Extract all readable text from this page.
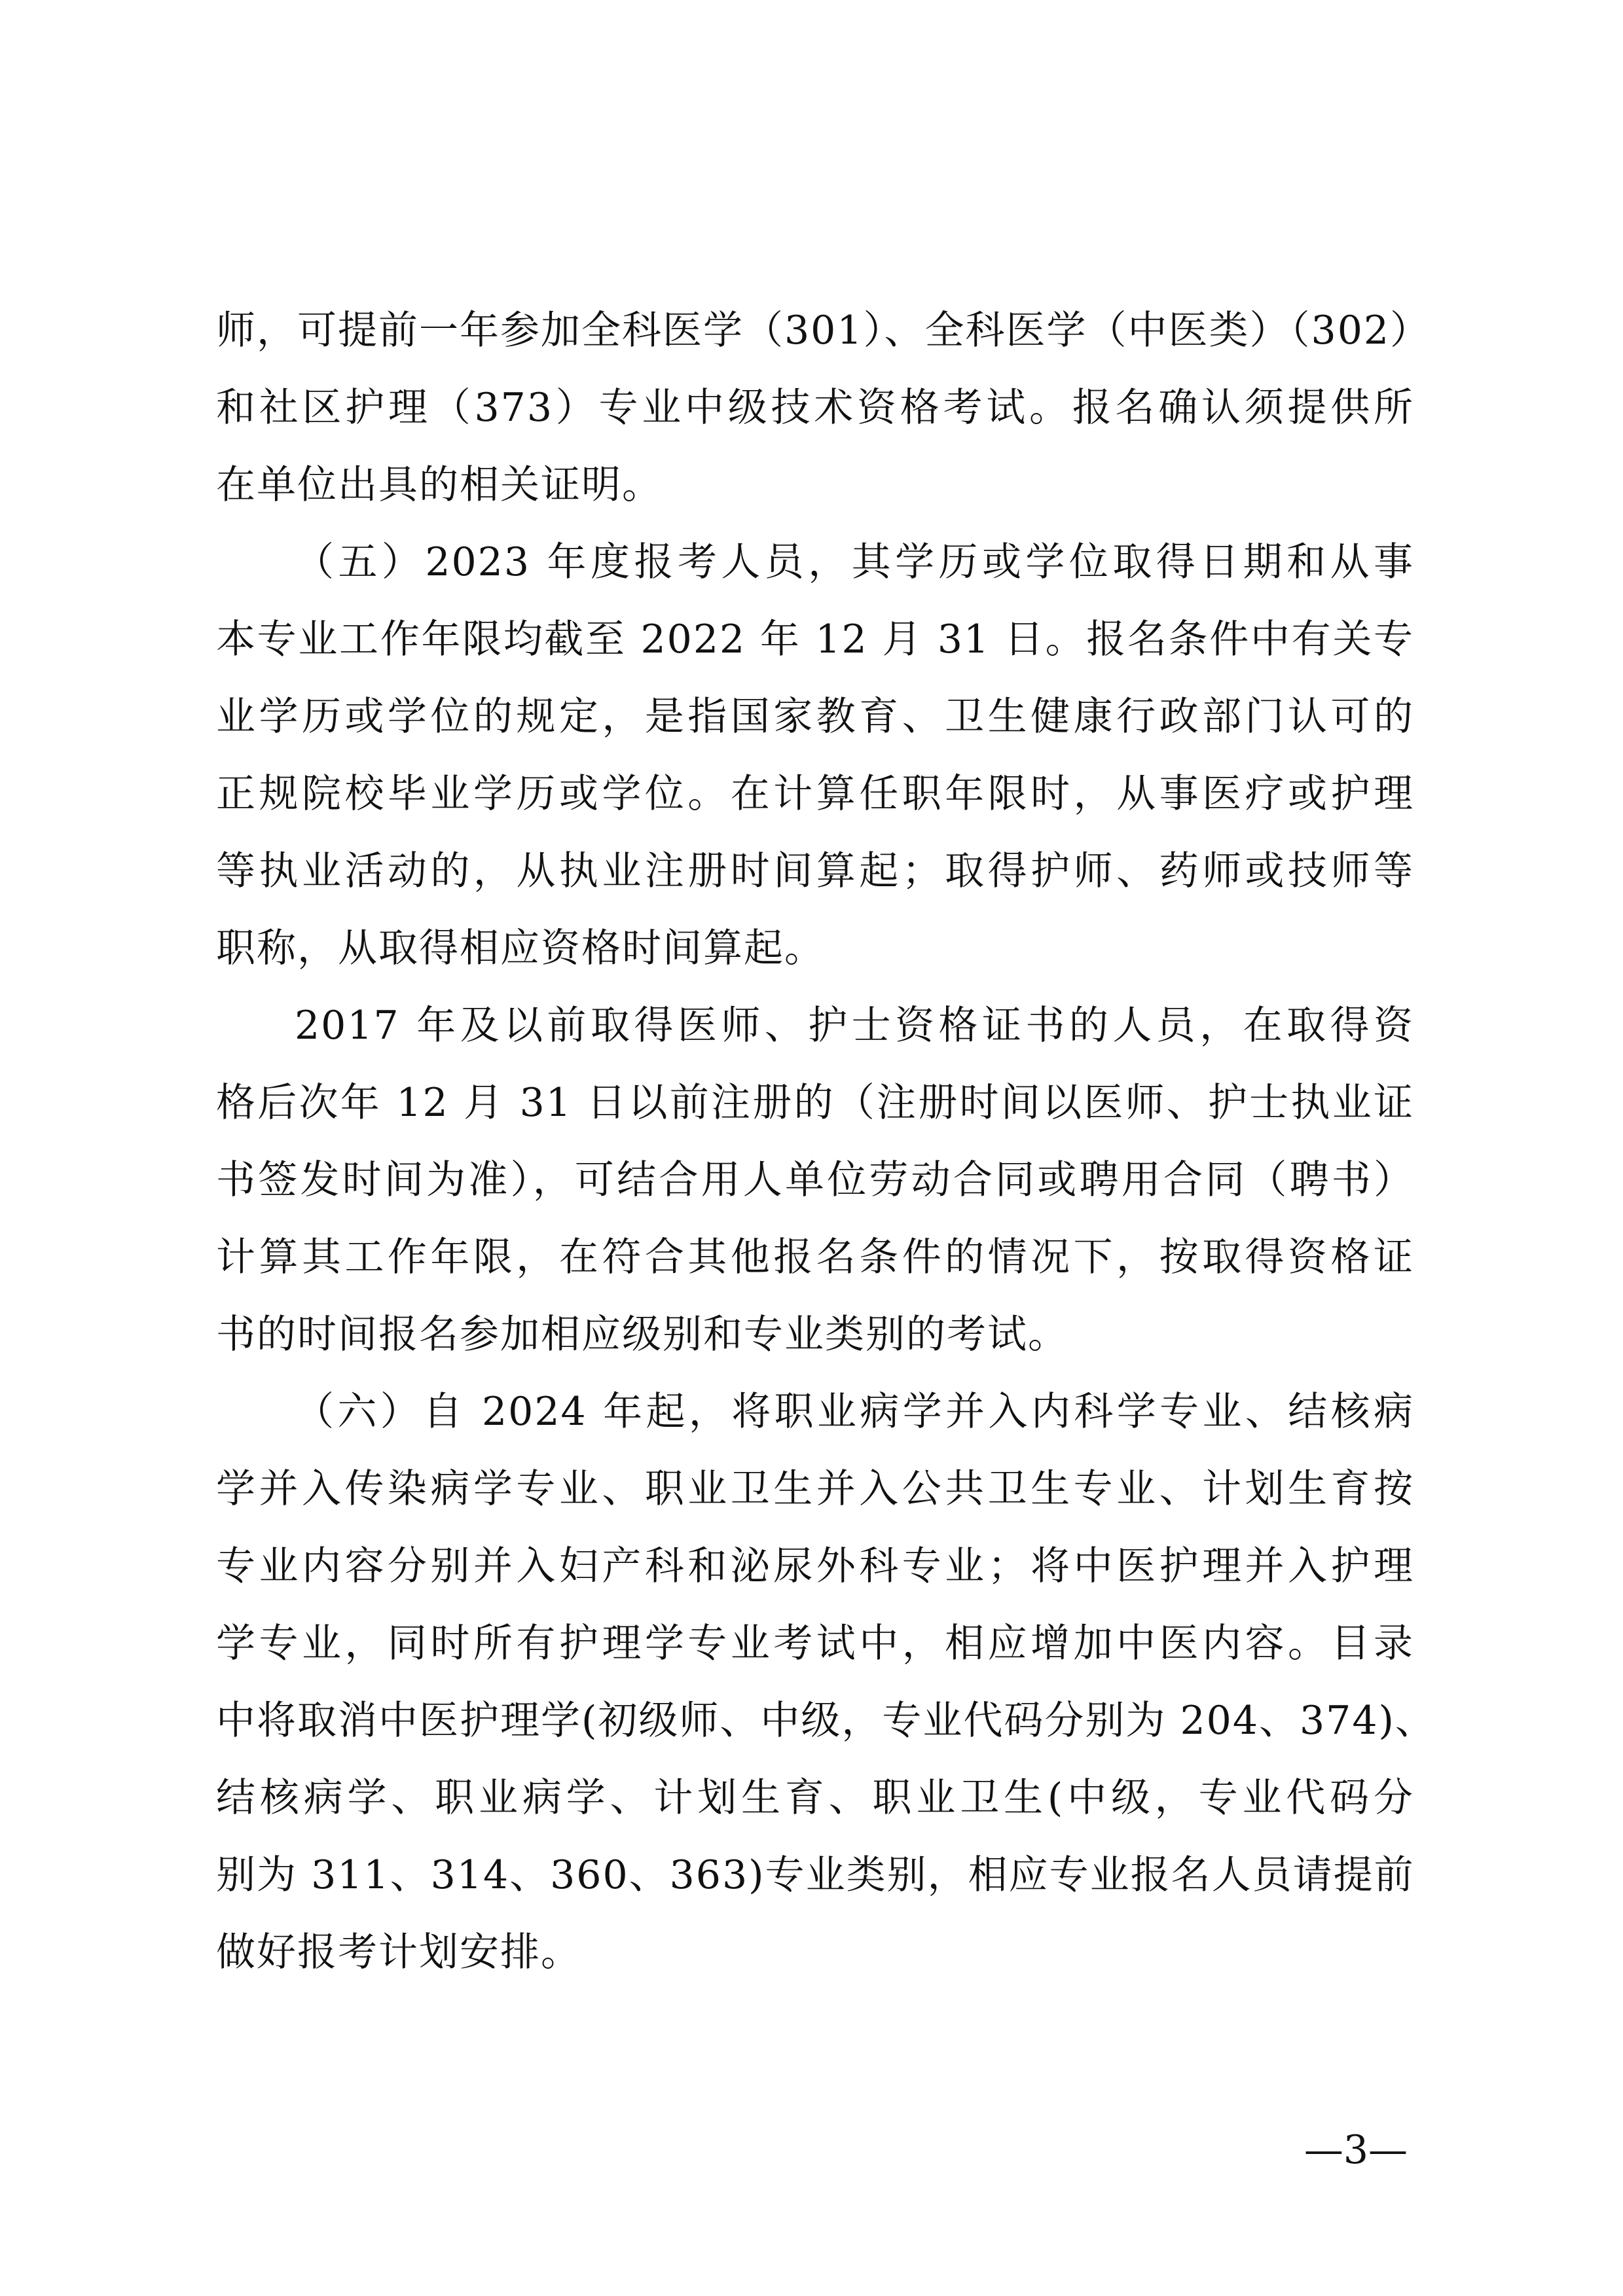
师，可提前一年参加全科医学（301）、全科医学（中医类）（302）
和社区护理（373）专业中级技术资格考试。报名确认须提供所
在单位出具的相关证明。
（五）2023 年度报考人员，其学历或学位取得日期和从事
本专业工作年限均截至 2022 年 12 月 31 日。报名条件中有关专
业学历或学位的规定，是指国家教育、卫生健康行政部门认可的
正规院校毕业学历或学位。在计算任职年限时，从事医疗或护理
等执业活动的，从执业注册时间算起；取得护师、药师或技师等
职称，从取得相应资格时间算起。
2017 年及以前取得医师、护士资格证书的人员，在取得资
格后次年 12 月 31 日以前注册的（注册时间以医师、护士执业证
书签发时间为准），可结合用人单位劳动合同或聘用合同（聘书）
计算其工作年限，在符合其他报名条件的情况下，按取得资格证
书的时间报名参加相应级别和专业类别的考试。
（六）自 2024 年起，将职业病学并入内科学专业、结核病
学并入传染病学专业、职业卫生并入公共卫生专业、计划生育按
专业内容分别并入妇产科和泌尿外科专业；将中医护理并入护理
学专业，同时所有护理学专业考试中，相应增加中医内容。目录
中将取消中医护理学(初级师、中级，专业代码分别为 204、374)、
结核病学、职业病学、计划生育、职业卫生(中级，专业代码分
别为 311、314、360、363)专业类别，相应专业报名人员请提前
做好报考计划安排。
—3—
